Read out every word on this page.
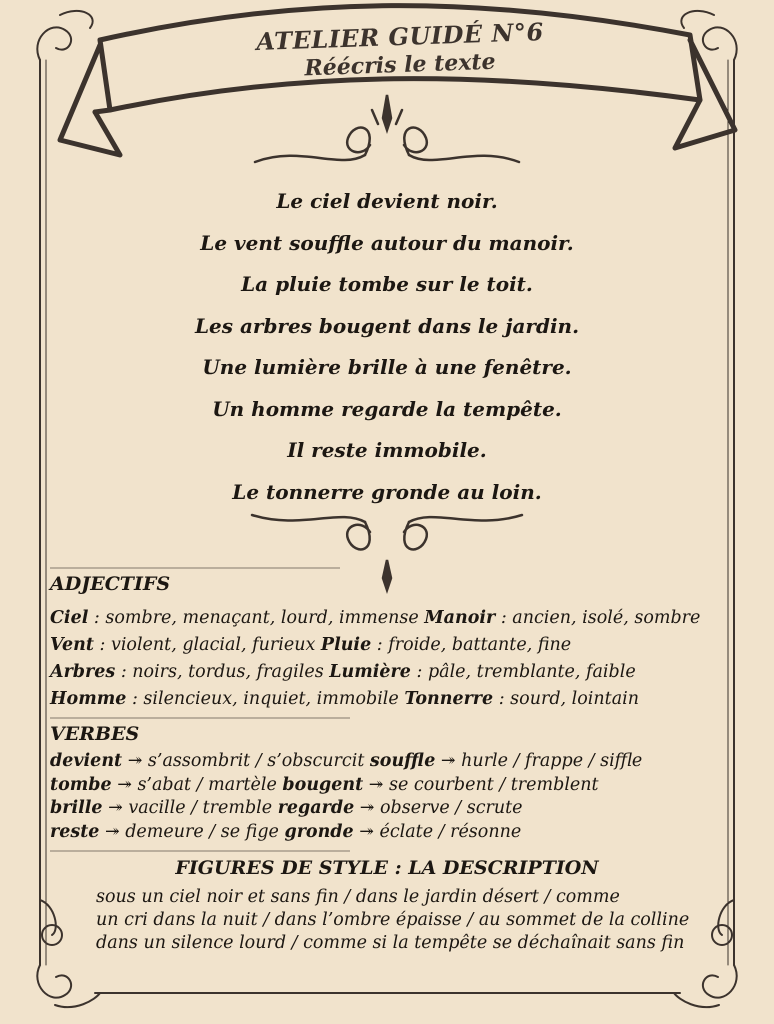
ATELIER GUIDÉ N°6
Réécris le texte
Le ciel devient noir.
Le vent souffle autour du manoir.
La pluie tombe sur le toit.
Les arbres bougent dans le jardin.
Une lumière brille à une fenêtre.
Un homme regarde la tempête.
Il reste immobile.
Le tonnerre gronde au loin.
ADJECTIFS
Ciel : sombre, menaçant, lourd, immense Manoir : ancien, isolé, sombre
Vent : violent, glacial, furieux Pluie : froide, battante, fine
Arbres : noirs, tordus, fragiles Lumière : pâle, tremblante, faible
Homme : silencieux, inquiet, immobile Tonnerre : sourd, lointain
VERBES
devient ↠ s’assombrit / s’obscurcit souffle ↠ hurle / frappe / siffle
tombe ↠ s’abat / martèle bougent ↠ se courbent / tremblent
brille ↠ vacille / tremble regarde ↠ observe / scrute
reste ↠ demeure / se fige gronde ↠ éclate / résonne
FIGURES DE STYLE : LA DESCRIPTION
sous un ciel noir et sans fin / dans le jardin désert / comme
un cri dans la nuit / dans l’ombre épaisse / au sommet de la colline
dans un silence lourd / comme si la tempête se déchaînait sans fin
